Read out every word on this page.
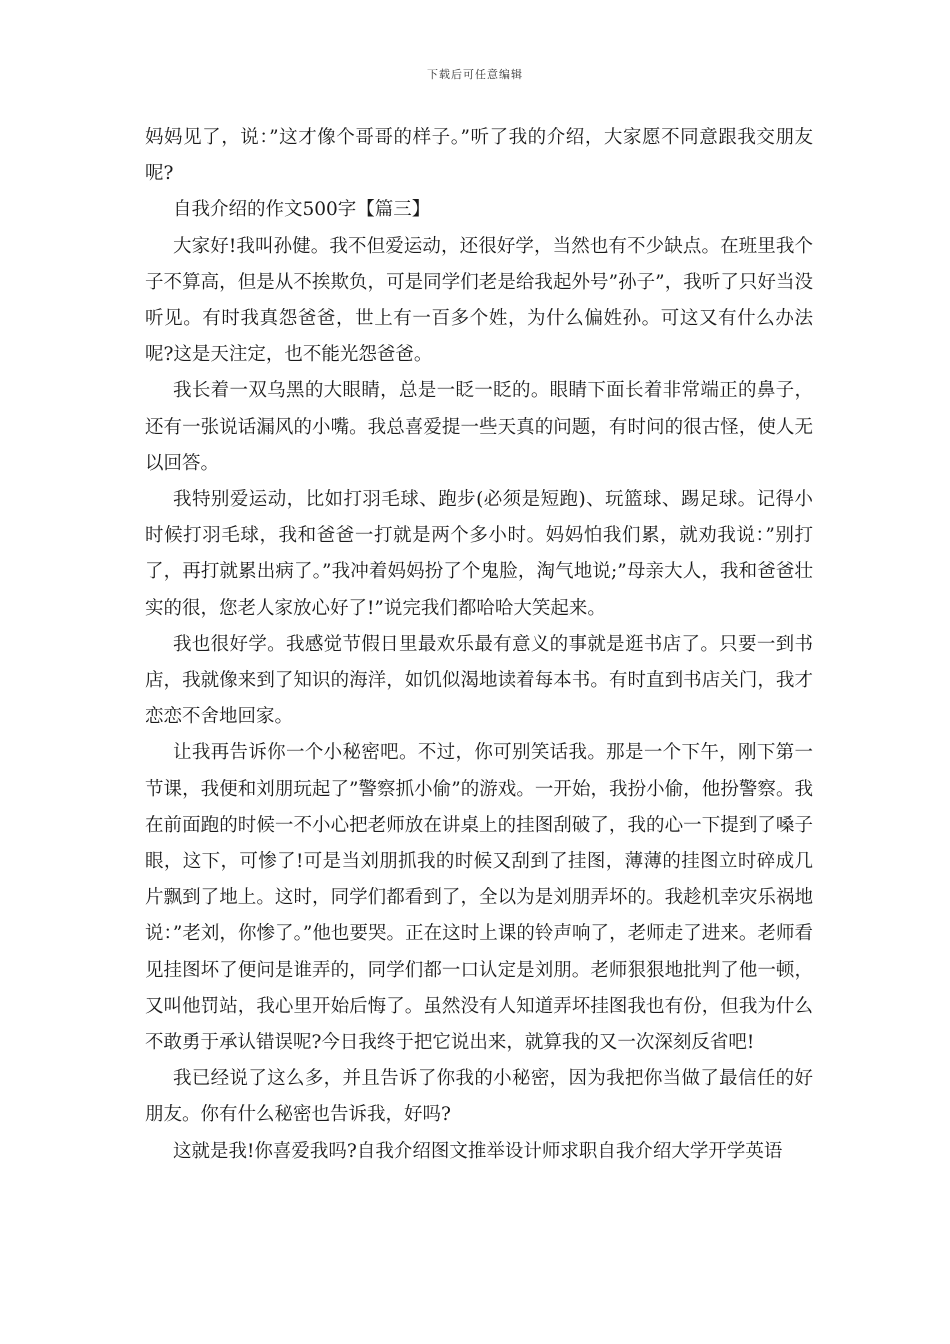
下载后可任意编辑

妈妈见了，说：”这才像个哥哥的样子。”听了我的介绍，大家愿不同意跟我交朋友呢?

自我介绍的作文500字【篇三】

大家好!我叫孙健。我不但爱运动，还很好学，当然也有不少缺点。在班里我个子不算高，但是从不挨欺负，可是同学们老是给我起外号”孙子”，我听了只好当没听见。有时我真怨爸爸，世上有一百多个姓，为什么偏姓孙。可这又有什么办法呢?这是天注定，也不能光怨爸爸。

我长着一双乌黑的大眼睛，总是一眨一眨的。眼睛下面长着非常端正的鼻子，还有一张说话漏风的小嘴。我总喜爱提一些天真的问题，有时问的很古怪，使人无以回答。

我特别爱运动，比如打羽毛球、跑步(必须是短跑)、玩篮球、踢足球。记得小时候打羽毛球，我和爸爸一打就是两个多小时。妈妈怕我们累，就劝我说：”别打了，再打就累出病了。”我冲着妈妈扮了个鬼脸，淘气地说;”母亲大人，我和爸爸壮实的很，您老人家放心好了!”说完我们都哈哈大笑起来。

我也很好学。我感觉节假日里最欢乐最有意义的事就是逛书店了。只要一到书店，我就像来到了知识的海洋，如饥似渴地读着每本书。有时直到书店关门，我才恋恋不舍地回家。

让我再告诉你一个小秘密吧。不过，你可别笑话我。那是一个下午，刚下第一节课，我便和刘朋玩起了”警察抓小偷”的游戏。一开始，我扮小偷，他扮警察。我在前面跑的时候一不小心把老师放在讲桌上的挂图刮破了，我的心一下提到了嗓子眼，这下，可惨了!可是当刘朋抓我的时候又刮到了挂图，薄薄的挂图立时碎成几片飘到了地上。这时，同学们都看到了，全以为是刘朋弄坏的。我趁机幸灾乐祸地说：”老刘，你惨了。”他也要哭。正在这时上课的铃声响了，老师走了进来。老师看见挂图坏了便问是谁弄的，同学们都一口认定是刘朋。老师狠狠地批判了他一顿，又叫他罚站，我心里开始后悔了。虽然没有人知道弄坏挂图我也有份，但我为什么不敢勇于承认错误呢?今日我终于把它说出来，就算我的又一次深刻反省吧!

我已经说了这么多，并且告诉了你我的小秘密，因为我把你当做了最信任的好朋友。你有什么秘密也告诉我，好吗?

这就是我!你喜爱我吗?自我介绍图文推举设计师求职自我介绍大学开学英语
